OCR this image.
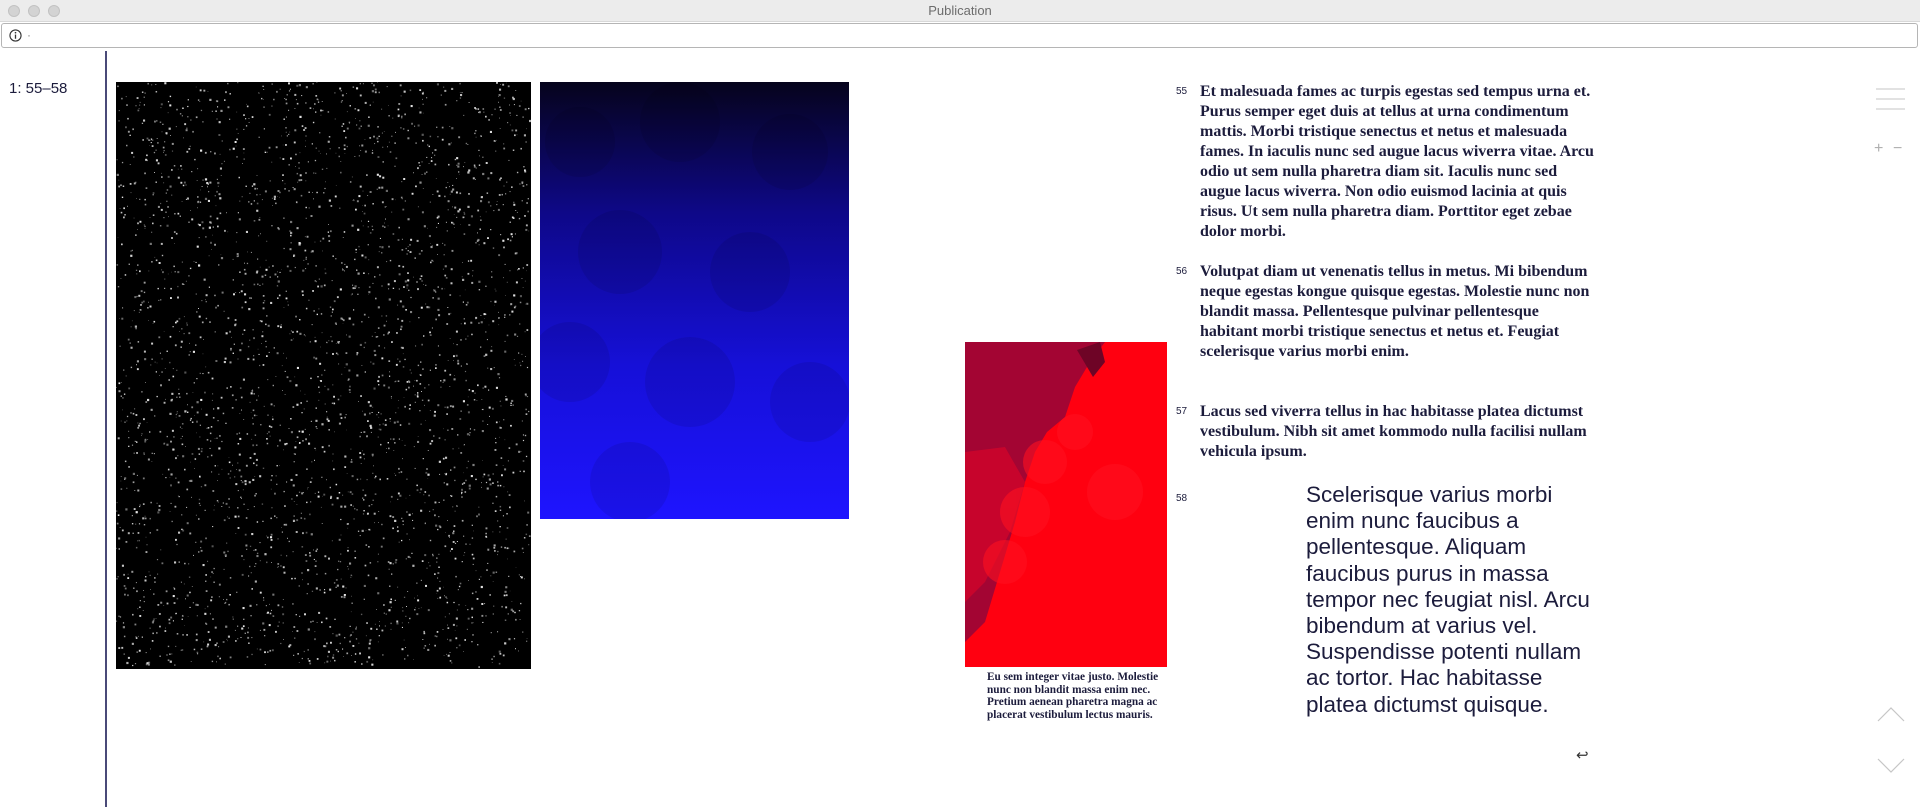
Publication
·
1: 55–58
Eu sem integer vitae justo. Molestie nunc non blandit massa enim nec. Pretium aenean pharetra magna ac placerat vestibulum lectus mauris.
55 Et malesuada fames ac turpis egestas sed tempus urna et. Purus semper eget duis at tellus at urna condimentum mattis. Morbi tristique senectus et netus et malesuada fames. In iaculis nunc sed augue lacus wiverra vitae. Arcu odio ut sem nulla pharetra diam sit. Iaculis nunc sed augue lacus wiverra. Non odio euismod lacinia at quis risus. Ut sem nulla pharetra diam. Porttitor eget zebae dolor morbi.
56 Volutpat diam ut venenatis tellus in metus. Mi bibendum neque egestas kongue quisque egestas. Molestie nunc non blandit massa. Pellentesque pulvinar pellentesque habitant morbi tristique senectus et netus et. Feugiat scelerisque varius morbi enim.
57 Lacus sed viverra tellus in hac habitasse platea dictumst vestibulum. Nibh sit amet kommodo nulla facilisi nullam vehicula ipsum.
58	Scelerisque varius morbi enim nunc faucibus a pellentesque. Aliquam faucibus purus in massa tempor nec feugiat nisl. Arcu bibendum at varius vel. Suspendisse potenti nullam ac tortor. Hac habitasse platea dictumst quisque.
↩
+ −
